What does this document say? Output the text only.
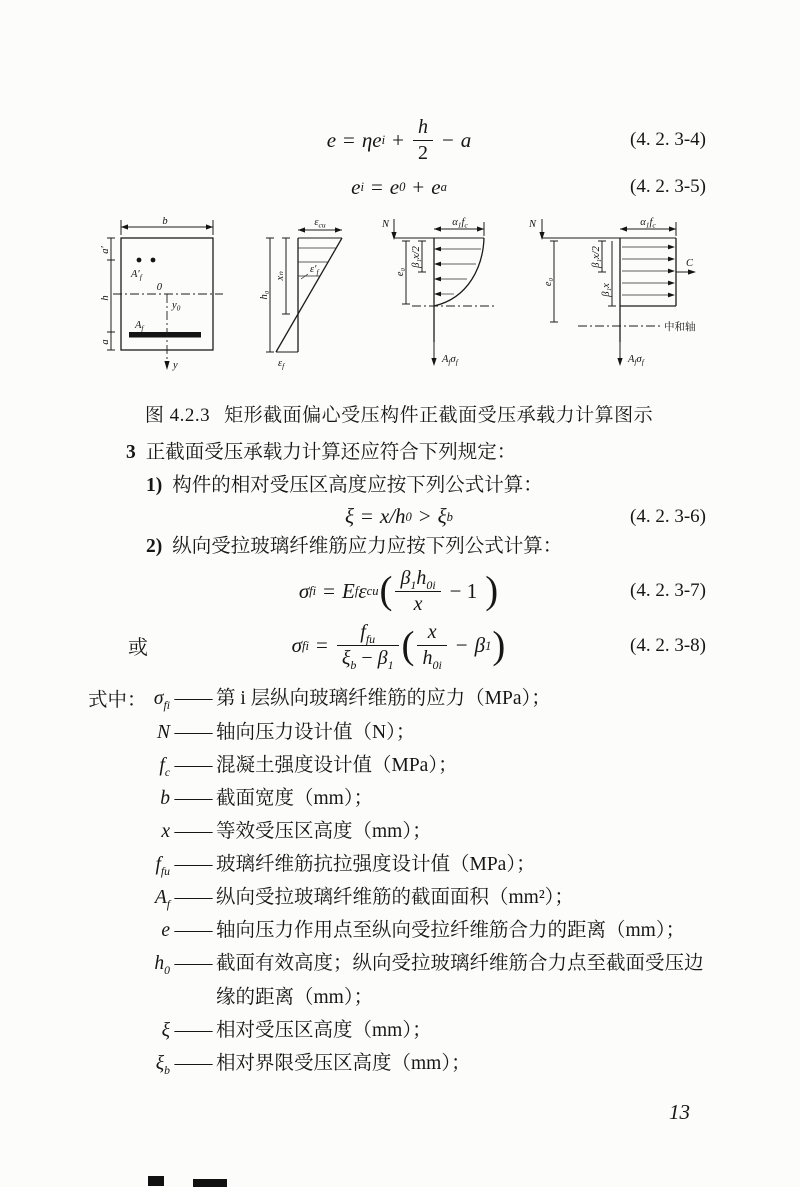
e = ηe $i + \frac{h}{2} - a$	(4. 2. 3-4)
e i = e 0 + e a	(4. 2. 3-5)
b
$A'_f$
a′
h
a
0
$y_0$
$A_f$
y
$\varepsilon_{cu}$
xₙ
h₀
$\varepsilon'_f$
$\varepsilon_f$
N	$\alpha_1f_c$
e₀
β₁x/2
$A_f\sigma_f$
N	$\alpha_1f_c$
e₀
β₁x/2
β₁x
C
中和轴
$A_f\sigma_f$
图 4.2.3 矩形截面偏心受压构件正截面受压承载力计算图示
3 正截面受压承载力计算还应符合下列规定：
1) 构件的相对受压区高度应按下列公式计算：
ξ = x/h 0 > ξ b	(4. 2. 3-6)
2) 纵向受拉玻璃纤维筋应力应按下列公式计算：
σ fi = E f ε cu ( $\frac{\beta_1h_{0i}}{x} - 1$ )	(4. 2. 3-7)
或	σ fi = $\frac{f_{fu}}{\xi_b - \beta_1}$ ( $\frac{x}{h_{0i}} - \beta$ 1 )	(4. 2. 3-8)
式中： $\sigma_{fi}$ —— 第 i 层纵向玻璃纤维筋的应力（MPa）；
N —— 轴向压力设计值（N）；
$f_c$ —— 混凝土强度设计值（MPa）；
b —— 截面宽度（mm）；
x —— 等效受压区高度（mm）；
$f_{fu}$ —— 玻璃纤维筋抗拉强度设计值（MPa）；
$A_f$ —— 纵向受拉玻璃纤维筋的截面面积（mm²）；
e —— 轴向压力作用点至纵向受拉纤维筋合力的距离（mm）；
$h_0$ —— 截面有效高度；纵向受拉玻璃纤维筋合力点至截面受压边缘的距离（mm）；
ξ —— 相对受压区高度（mm）；
$\xi_b$ —— 相对界限受压区高度（mm）；
13
